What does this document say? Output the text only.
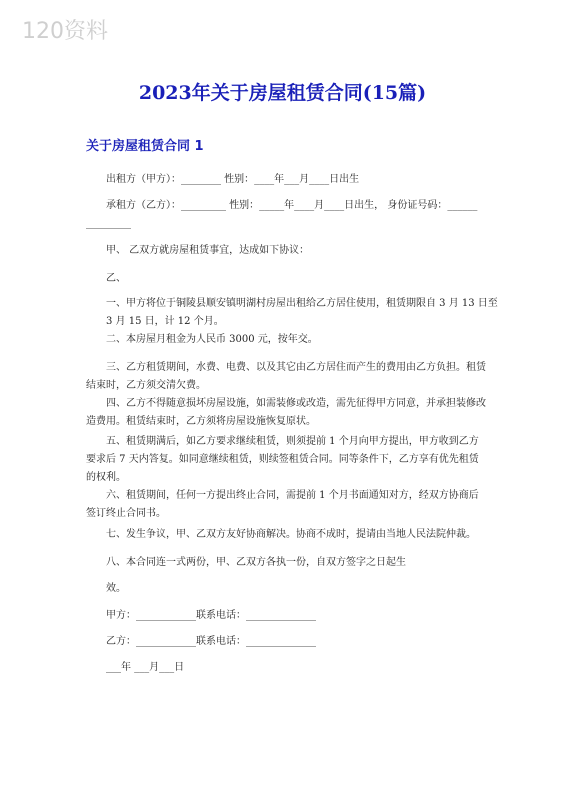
120资料
2023年关于房屋租赁合同(15篇)
关于房屋租赁合同 1
出租方（甲方）：________ 性别：____年___月____日出生
承租方（乙方）：_________ 性别：_____年____月____日出生， 身份证号码：______
_________
甲、 乙双方就房屋租赁事宜，达成如下协议：
乙、

一、甲方将位于铜陵县顺安镇明湖村房屋出租给乙方居住使用，租赁期限自 3 月 13 日至 3 月 15 日，计 12 个月。

二、本房屋月租金为人民币 3000 元，按年交。

三、乙方租赁期间，水费、电费、以及其它由乙方居住而产生的费用由乙方负担。租赁结束时，乙方须交清欠费。

四、乙方不得随意损坏房屋设施，如需装修或改造，需先征得甲方同意，并承担装修改造费用。租赁结束时，乙方须将房屋设施恢复原状。

五、租赁期满后，如乙方要求继续租赁，则须提前 1 个月向甲方提出，甲方收到乙方要求后 7 天内答复。如同意继续租赁，则续签租赁合同。同等条件下，乙方享有优先租赁的权利。

六、租赁期间，任何一方提出终止合同，需提前 1 个月书面通知对方，经双方协商后签订终止合同书。

七、发生争议，甲、乙双方友好协商解决。协商不成时，提请由当地人民法院仲裁。
八、本合同连一式两份，甲、乙双方各执一份，自双方签字之日起生
效。
甲方：____________联系电话：______________
乙方：____________联系电话：______________
___年 ___月___日
